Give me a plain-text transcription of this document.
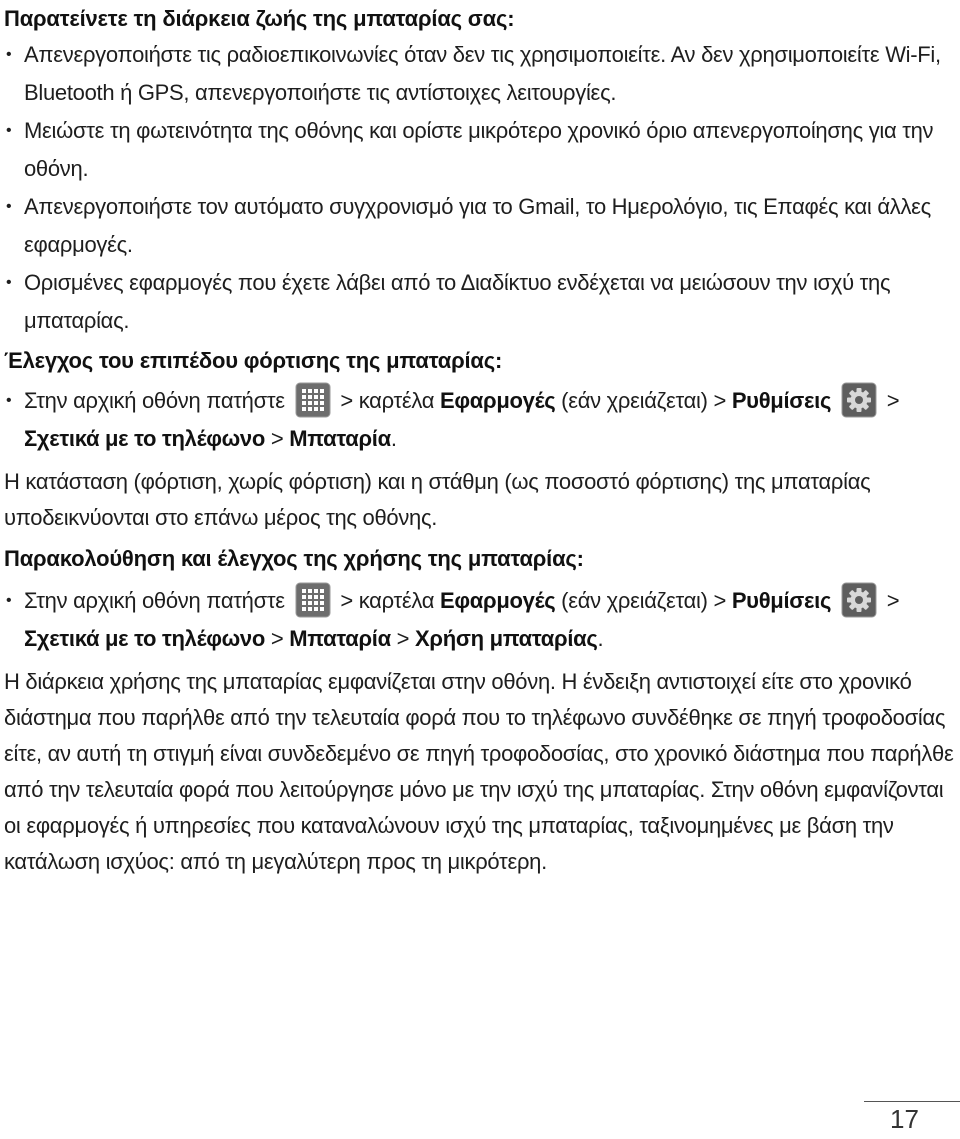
Παρατείνετε τη διάρκεια ζωής της μπαταρίας σας:
• Απενεργοποιήστε τις ραδιοεπικοινωνίες όταν δεν τις χρησιμοποιείτε. Αν δεν χρησιμοποιείτε Wi-Fi, Bluetooth ή GPS, απενεργοποιήστε τις αντίστοιχες λειτουργίες.
• Μειώστε τη φωτεινότητα της οθόνης και ορίστε μικρότερο χρονικό όριο απενεργοποίησης για την οθόνη.
• Απενεργοποιήστε τον αυτόματο συγχρονισμό για το Gmail, το Ημερολόγιο, τις Επαφές και άλλες εφαρμογές.
• Ορισμένες εφαρμογές που έχετε λάβει από το Διαδίκτυο ενδέχεται να μειώσουν την ισχύ της μπαταρίας.
Έλεγχος του επιπέδου φόρτισης της μπαταρίας:
• Στην αρχική οθόνη πατήστε	> καρτέλα Εφαρμογές (εάν χρειάζεται) > Ρυθμίσεις	> Σχετικά με το τηλέφωνο > Μπαταρία.

Η κατάσταση (φόρτιση, χωρίς φόρτιση) και η στάθμη (ως ποσοστό φόρτισης) της μπαταρίας υποδεικνύονται στο επάνω μέρος της οθόνης.

Παρακολούθηση και έλεγχος της χρήσης της μπαταρίας:
• Στην αρχική οθόνη πατήστε	> καρτέλα Εφαρμογές (εάν χρειάζεται) > Ρυθμίσεις	> Σχετικά με το τηλέφωνο > Μπαταρία > Χρήση μπαταρίας.

Η διάρκεια χρήσης της μπαταρίας εμφανίζεται στην οθόνη. Η ένδειξη αντιστοιχεί είτε στο χρονικό διάστημα που παρήλθε από την τελευταία φορά που το τηλέφωνο συνδέθηκε σε πηγή τροφοδοσίας είτε, αν αυτή τη στιγμή είναι συνδεδεμένο σε πηγή τροφοδοσίας, στο χρονικό διάστημα που παρήλθε από την τελευταία φορά που λειτούργησε μόνο με την ισχύ της μπαταρίας. Στην οθόνη εμφανίζονται οι εφαρμογές ή υπηρεσίες που καταναλώνουν ισχύ της μπαταρίας, ταξινομημένες με βάση την κατάλωση ισχύος: από τη μεγαλύτερη προς τη μικρότερη.

17
